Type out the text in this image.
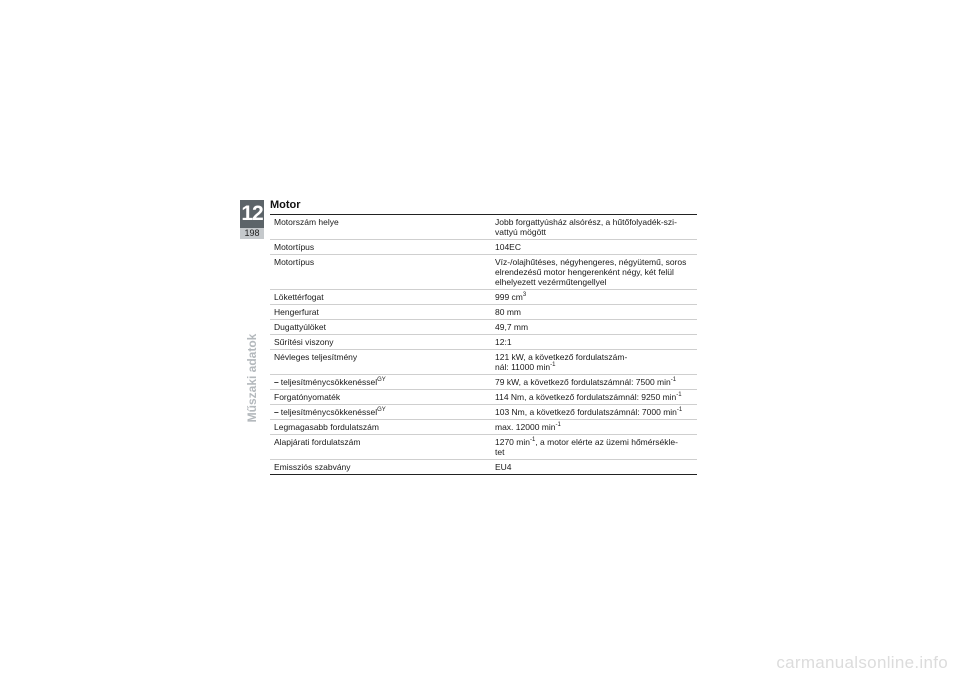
12
198
Műszaki adatok
Motor
Motorszám helye	Jobb forgattyúsház alsórész, a hűtőfolyadék-szi-
vattyú mögött
Motortípus	104EC
Motortípus	Víz-/olajhűtéses, négyhengeres, négyütemű, soros
elrendezésű motor hengerenként négy, két felül
elhelyezett vezérműtengellyel
Lökettérfogat	999 $cm^3$
Hengerfurat	80 mm
Dugattyúlöket	49,7 mm
Sűrítési viszony	12:1
Névleges teljesítmény	121 kW, a következő fordulatszám-
nál: 11000 $\min^{-1}$
– teljesítménycsökkenéssel$^{GY}$	79 kW, a következő fordulatszámnál: 7500 $\min^{-1}$
Forgatónyomaték	114 Nm, a következő fordulatszámnál: 9250 $\min^{-1}$
– teljesítménycsökkenéssel$^{GY}$	103 Nm, a következő fordulatszámnál: 7000 $\min^{-1}$
Legmagasabb fordulatszám	max. 12000 $\min^{-1}$
Alapjárati fordulatszám	1270 $\min^{-1}$, a motor elérte az üzemi hőmérsékle-
tet
Emissziós szabvány	EU4
carmanualsonline.info
